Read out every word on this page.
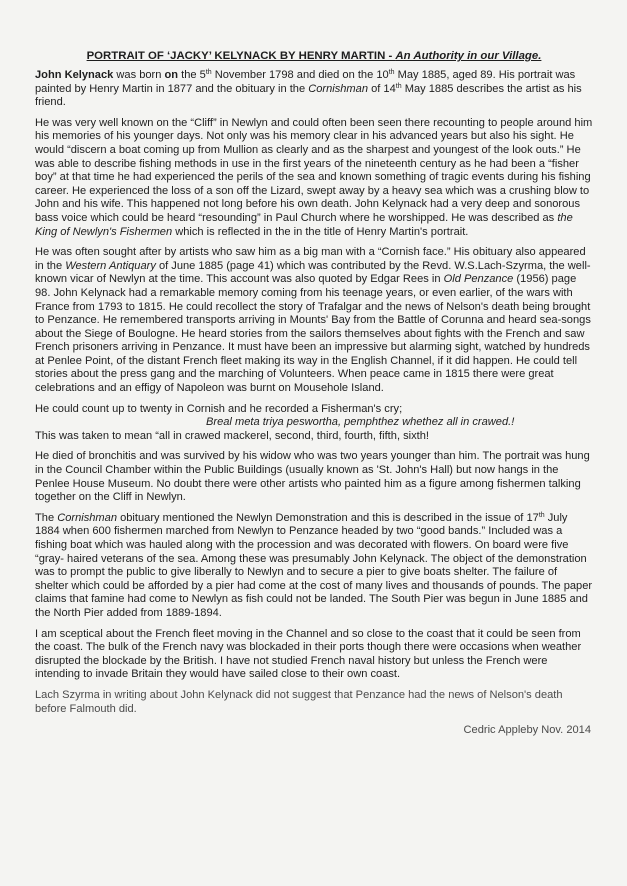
PORTRAIT OF ‘JACKY’ KELYNACK BY HENRY MARTIN - An Authority in our Village.

John Kelynack was born on the 5th November 1798 and died on the 10th May 1885, aged 89. His portrait was painted by Henry Martin in 1877 and the obituary in the Cornishman of 14th May 1885 describes the artist as his friend.

He was very well known on the “Cliff” in Newlyn and could often been seen there recounting to people around him his memories of his younger days. Not only was his memory clear in his advanced years but also his sight. He would “discern a boat coming up from Mullion as clearly and as the sharpest and youngest of the look outs.” He was able to describe fishing methods in use in the first years of the nineteenth century as he had been a “fisher boy” at that time he had experienced the perils of the sea and known something of tragic events during his fishing career. He experienced the loss of a son off the Lizard, swept away by a heavy sea which was a crushing blow to John and his wife. This happened not long before his own death. John Kelynack had a very deep and sonorous bass voice which could be heard “resounding” in Paul Church where he worshipped. He was described as the King of Newlyn's Fishermen which is reflected in the in the title of Henry Martin's portrait.

He was often sought after by artists who saw him as a big man with a “Cornish face.” His obituary also appeared in the Western Antiquary of June 1885 (page 41) which was contributed by the Revd. W.S.Lach-Szyrma, the well-known vicar of Newlyn at the time. This account was also quoted by Edgar Rees in Old Penzance (1956) page 98. John Kelynack had a remarkable memory coming from his teenage years, or even earlier, of the wars with France from 1793 to 1815. He could recollect the story of Trafalgar and the news of Nelson's death being brought to Penzance. He remembered transports arriving in Mounts' Bay from the Battle of Corunna and heard sea-songs about the Siege of Boulogne. He heard stories from the sailors themselves about fights with the French and saw French prisoners arriving in Penzance. It must have been an impressive but alarming sight, watched by hundreds at Penlee Point, of the distant French fleet making its way in the English Channel, if it did happen. He could tell stories about the press gang and the marching of Volunteers. When peace came in 1815 there were great celebrations and an effigy of Napoleon was burnt on Mousehole Island.

He could count up to twenty in Cornish and he recorded a Fisherman's cry;

Breal meta triya peswortha, pemphthez whethez all in crawed.!

This was taken to mean “all in crawed mackerel, second, third, fourth, fifth, sixth!

He died of bronchitis and was survived by his widow who was two years younger than him. The portrait was hung in the Council Chamber within the Public Buildings (usually known as 'St. John's Hall) but now hangs in the Penlee House Museum. No doubt there were other artists who painted him as a figure among fishermen talking together on the Cliff in Newlyn.

The Cornishman obituary mentioned the Newlyn Demonstration and this is described in the issue of 17th July 1884 when 600 fishermen marched from Newlyn to Penzance headed by two “good bands.” Included was a fishing boat which was hauled along with the procession and was decorated with flowers. On board were five “gray- haired veterans of the sea. Among these was presumably John Kelynack. The object of the demonstration was to prompt the public to give liberally to Newlyn and to secure a pier to give boats shelter. The failure of shelter which could be afforded by a pier had come at the cost of many lives and thousands of pounds. The paper claims that famine had come to Newlyn as fish could not be landed. The South Pier was begun in June 1885 and the North Pier added from 1889-1894.

I am sceptical about the French fleet moving in the Channel and so close to the coast that it could be seen from the coast. The bulk of the French navy was blockaded in their ports though there were occasions when weather disrupted the blockade by the British. I have not studied French naval history but unless the French were intending to invade Britain they would have sailed close to their own coast.

Lach Szyrma in writing about John Kelynack did not suggest that Penzance had the news of Nelson's death before Falmouth did.

Cedric Appleby Nov. 2014
